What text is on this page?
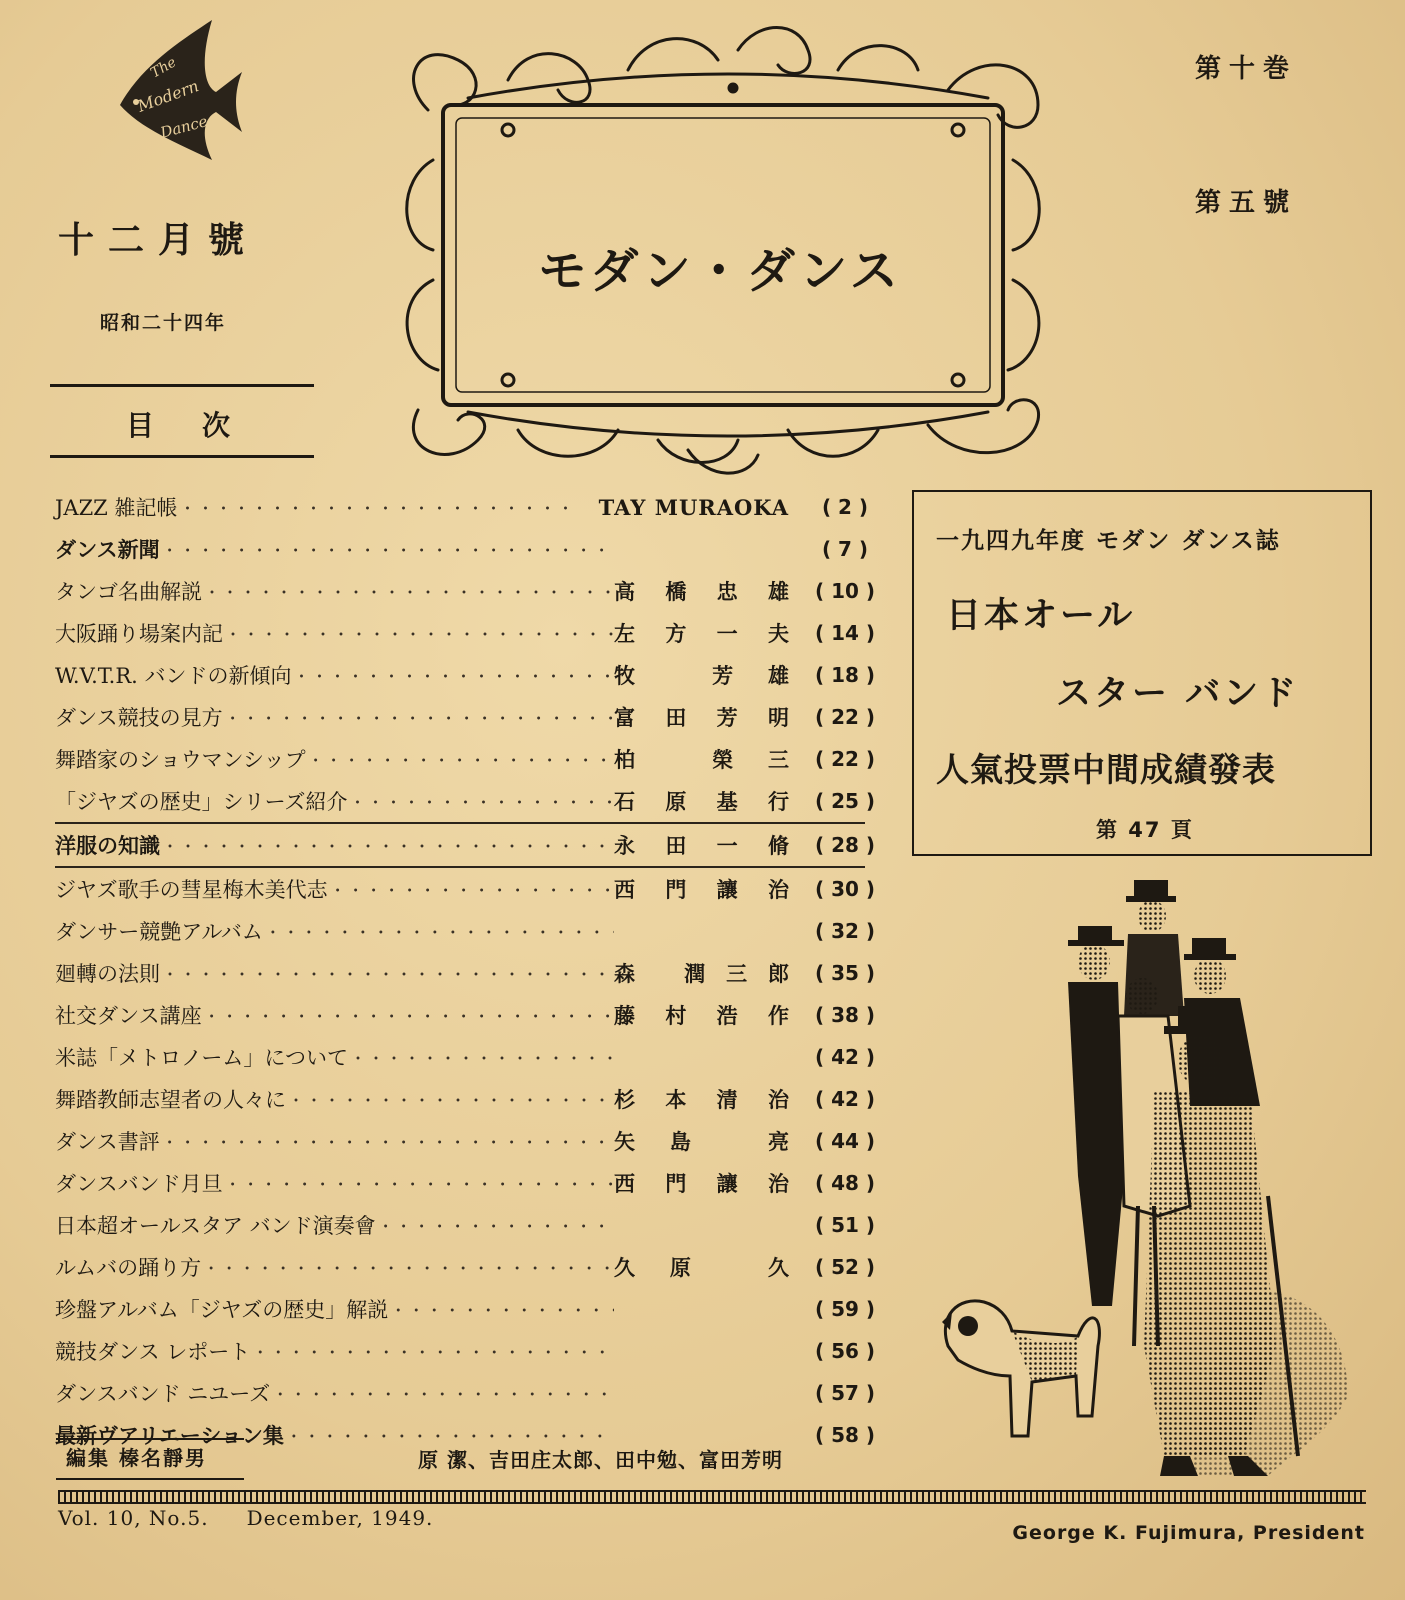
The
Modern
Dance
十二月號
昭和二十四年
目次
第十巻
第五號
モダン・ダンス
JAZZ 雑記帳 ・・・・・・・・・・・・・・・・・・・・・・・・・・・・・・・・・・・・・・・・・・・・・・・・・・・・・・・・・・・・・・・・・・・・・・・・・・・・・・・・・・・・・・・	TAY MURAOKA	( 2 )
ダンス新聞 ・・・・・・・・・・・・・・・・・・・・・・・・・・・・・・・・・・・・・・・・・・・・・・・・・・・・・・・・・・・・・・・・・・・・・・・・・・・・・・・・・・・・・・・	( 7 )
タンゴ名曲解説 ・・・・・・・・・・・・・・・・・・・・・・・・・・・・・・・・・・・・・・・・・・・・・・・・・・・・・・・・・・・・・・・・・・・・・・・・・・・・・・・・・・・・・・・	高橋忠雄	( 10 )
大阪踊り場案内記 ・・・・・・・・・・・・・・・・・・・・・・・・・・・・・・・・・・・・・・・・・・・・・・・・・・・・・・・・・・・・・・・・・・・・・・・・・・・・・・・・・・・・・・・	左方一夫	( 14 )
W.V.T.R. バンドの新傾向 ・・・・・・・・・・・・・・・・・・・・・・・・・・・・・・・・・・・・・・・・・・・・・・・・・・・・・・・・・・・・・・・・・・・・・・・・・・・・・・・・・・・・・・・	牧 芳雄	( 18 )
ダンス競技の見方 ・・・・・・・・・・・・・・・・・・・・・・・・・・・・・・・・・・・・・・・・・・・・・・・・・・・・・・・・・・・・・・・・・・・・・・・・・・・・・・・・・・・・・・・	富田芳明	( 22 )
舞踏家のショウマンシップ ・・・・・・・・・・・・・・・・・・・・・・・・・・・・・・・・・・・・・・・・・・・・・・・・・・・・・・・・・・・・・・・・・・・・・・・・・・・・・・・・・・・・・・・	柏 榮三	( 22 )
「ジヤズの歴史」シリーズ紹介 ・・・・・・・・・・・・・・・・・・・・・・・・・・・・・・・・・・・・・・・・・・・・・・・・・・・・・・・・・・・・・・・・・・・・・・・・・・・・・・・・・・・・・・・	石原基行	( 25 )
洋服の知識 ・・・・・・・・・・・・・・・・・・・・・・・・・・・・・・・・・・・・・・・・・・・・・・・・・・・・・・・・・・・・・・・・・・・・・・・・・・・・・・・・・・・・・・・	永田一脩	( 28 )
ジヤズ歌手の彗星梅木美代志 ・・・・・・・・・・・・・・・・・・・・・・・・・・・・・・・・・・・・・・・・・・・・・・・・・・・・・・・・・・・・・・・・・・・・・・・・・・・・・・・・・・・・・・・	西門讓治	( 30 )
ダンサー競艶アルバム ・・・・・・・・・・・・・・・・・・・・・・・・・・・・・・・・・・・・・・・・・・・・・・・・・・・・・・・・・・・・・・・・・・・・・・・・・・・・・・・・・・・・・・・	( 32 )
廻轉の法則 ・・・・・・・・・・・・・・・・・・・・・・・・・・・・・・・・・・・・・・・・・・・・・・・・・・・・・・・・・・・・・・・・・・・・・・・・・・・・・・・・・・・・・・・	森 潤三郎	( 35 )
社交ダンス講座 ・・・・・・・・・・・・・・・・・・・・・・・・・・・・・・・・・・・・・・・・・・・・・・・・・・・・・・・・・・・・・・・・・・・・・・・・・・・・・・・・・・・・・・・	藤村浩作	( 38 )
米誌「メトロノーム」について ・・・・・・・・・・・・・・・・・・・・・・・・・・・・・・・・・・・・・・・・・・・・・・・・・・・・・・・・・・・・・・・・・・・・・・・・・・・・・・・・・・・・・・・	( 42 )
舞踏教師志望者の人々に ・・・・・・・・・・・・・・・・・・・・・・・・・・・・・・・・・・・・・・・・・・・・・・・・・・・・・・・・・・・・・・・・・・・・・・・・・・・・・・・・・・・・・・・	杉本清治	( 42 )
ダンス書評 ・・・・・・・・・・・・・・・・・・・・・・・・・・・・・・・・・・・・・・・・・・・・・・・・・・・・・・・・・・・・・・・・・・・・・・・・・・・・・・・・・・・・・・・	矢島 亮	( 44 )
ダンスバンド月旦 ・・・・・・・・・・・・・・・・・・・・・・・・・・・・・・・・・・・・・・・・・・・・・・・・・・・・・・・・・・・・・・・・・・・・・・・・・・・・・・・・・・・・・・・	西門讓治	( 48 )
日本超オールスタア バンド演奏會 ・・・・・・・・・・・・・・・・・・・・・・・・・・・・・・・・・・・・・・・・・・・・・・・・・・・・・・・・・・・・・・・・・・・・・・・・・・・・・・・・・・・・・・・	( 51 )
ルムバの踊り方 ・・・・・・・・・・・・・・・・・・・・・・・・・・・・・・・・・・・・・・・・・・・・・・・・・・・・・・・・・・・・・・・・・・・・・・・・・・・・・・・・・・・・・・・	久原 久	( 52 )
珍盤アルバム「ジヤズの歴史」解説 ・・・・・・・・・・・・・・・・・・・・・・・・・・・・・・・・・・・・・・・・・・・・・・・・・・・・・・・・・・・・・・・・・・・・・・・・・・・・・・・・・・・・・・・	( 59 )
競技ダンス レポート ・・・・・・・・・・・・・・・・・・・・・・・・・・・・・・・・・・・・・・・・・・・・・・・・・・・・・・・・・・・・・・・・・・・・・・・・・・・・・・・・・・・・・・・	( 56 )
ダンスバンド ニユーズ ・・・・・・・・・・・・・・・・・・・・・・・・・・・・・・・・・・・・・・・・・・・・・・・・・・・・・・・・・・・・・・・・・・・・・・・・・・・・・・・・・・・・・・・	( 57 )
最新ヴアリエーション集 ・・・・・・・・・・・・・・・・・・・・・・・・・・・・・・・・・・・・・・・・・・・・・・・・・・・・・・・・・・・・・・・・・・・・・・・・・・・・・・・・・・・・・・・	( 58 )
編集 榛名靜男	原 潔、吉田庄太郎、田中勉、富田芳明
Vol. 10, No.5. December, 1949.
George K. Fujimura, President
一九四九年度 モダン ダンス誌
日本オール
スター バンド
人氣投票中間成績發表
第 47 頁
